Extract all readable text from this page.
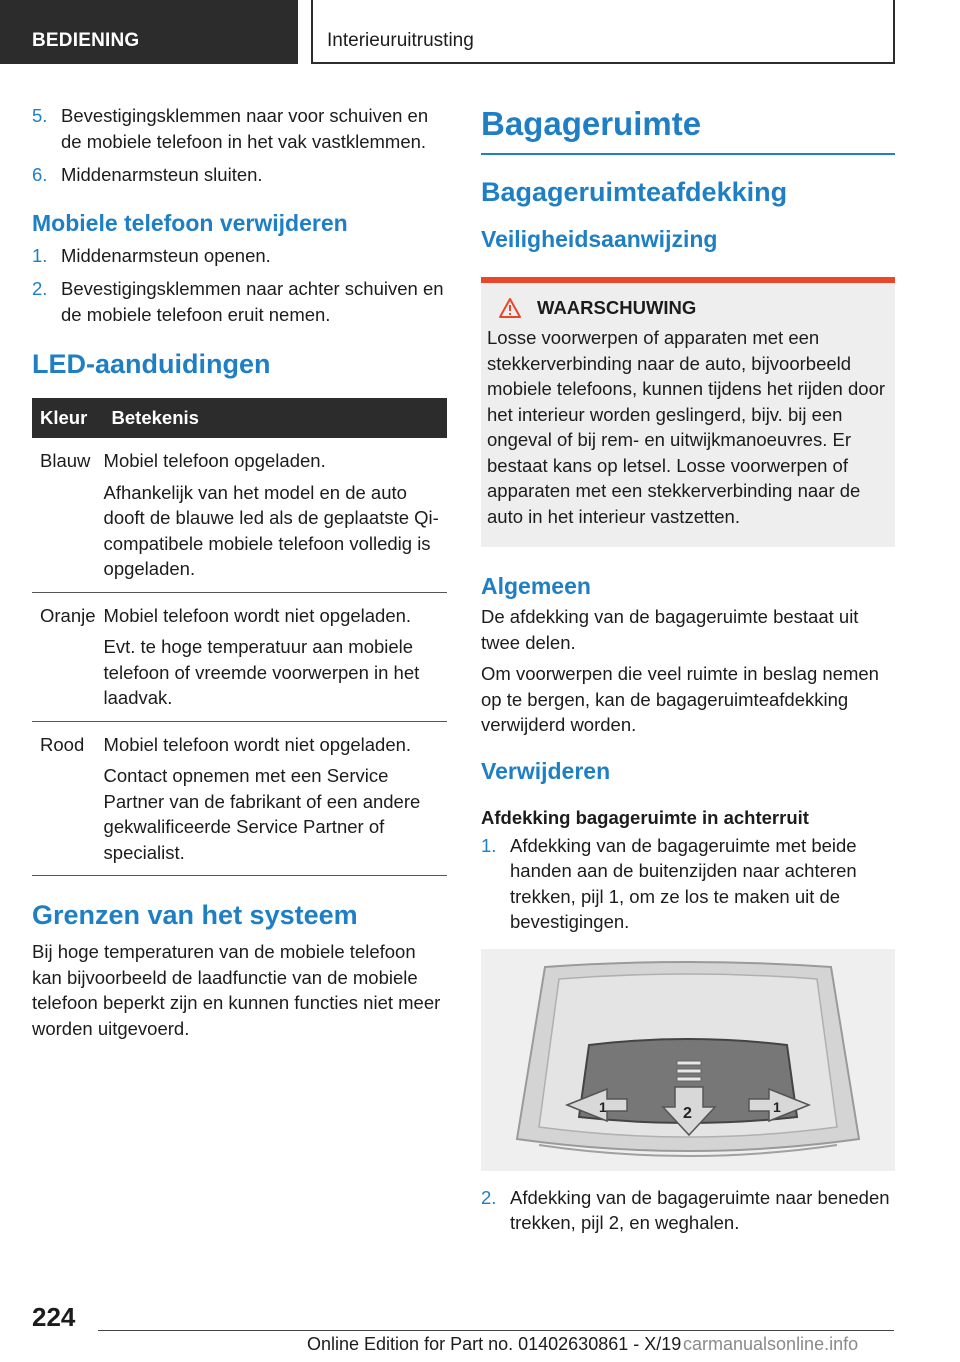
BEDIENING	Interieuruitrusting
5. Bevestigingsklemmen naar voor schuiven en de mobiele telefoon in het vak vastklemmen.
6. Middenarmsteun sluiten.
Mobiele telefoon verwijderen
1. Middenarmsteun openen.
2. Bevestigingsklemmen naar achter schuiven en de mobiele telefoon eruit nemen.
LED-aanduidingen
Kleur	Betekenis
Blauw	Mobiel telefoon opgeladen.
Afhankelijk van het model en de auto dooft de blauwe led als de geplaatste Qi-compatibele mobiele telefoon volledig is opgeladen.

Oranje	Mobiel telefoon wordt niet opgeladen.
Evt. te hoge temperatuur aan mobiele telefoon of vreemde voorwerpen in het laadvak.

Rood	Mobiel telefoon wordt niet opgeladen.
Contact opnemen met een Service Partner van de fabrikant of een andere gekwalificeerde Service Partner of specialist.
Grenzen van het systeem
Bij hoge temperaturen van de mobiele telefoon kan bijvoorbeeld de laadfunctie van de mobiele telefoon beperkt zijn en kunnen functies niet meer worden uitgevoerd.
Bagageruimte
Bagageruimteafdekking
Veiligheidsaanwijzing
WAARSCHUWING
Losse voorwerpen of apparaten met een stekkerverbinding naar de auto, bijvoorbeeld mobiele telefoons, kunnen tijdens het rijden door het interieur worden geslingerd, bijv. bij een ongeval of bij rem- en uitwijkmanoeuvres. Er bestaat kans op letsel. Losse voorwerpen of apparaten met een stekkerverbinding naar de auto in het interieur vastzetten.
Algemeen
De afdekking van de bagageruimte bestaat uit twee delen.
Om voorwerpen die veel ruimte in beslag nemen op te bergen, kan de bagageruimteafdekking verwijderd worden.
Verwijderen
Afdekking bagageruimte in achterruit
1. Afdekking van de bagageruimte met beide handen aan de buitenzijden naar achteren trekken, pijl 1, om ze los te maken uit de bevestigingen.
1	1
2
2. Afdekking van de bagageruimte naar beneden trekken, pijl 2, en weghalen.
224
Online Edition for Part no. 01402630861 - X/19 carmanualsonline.info
